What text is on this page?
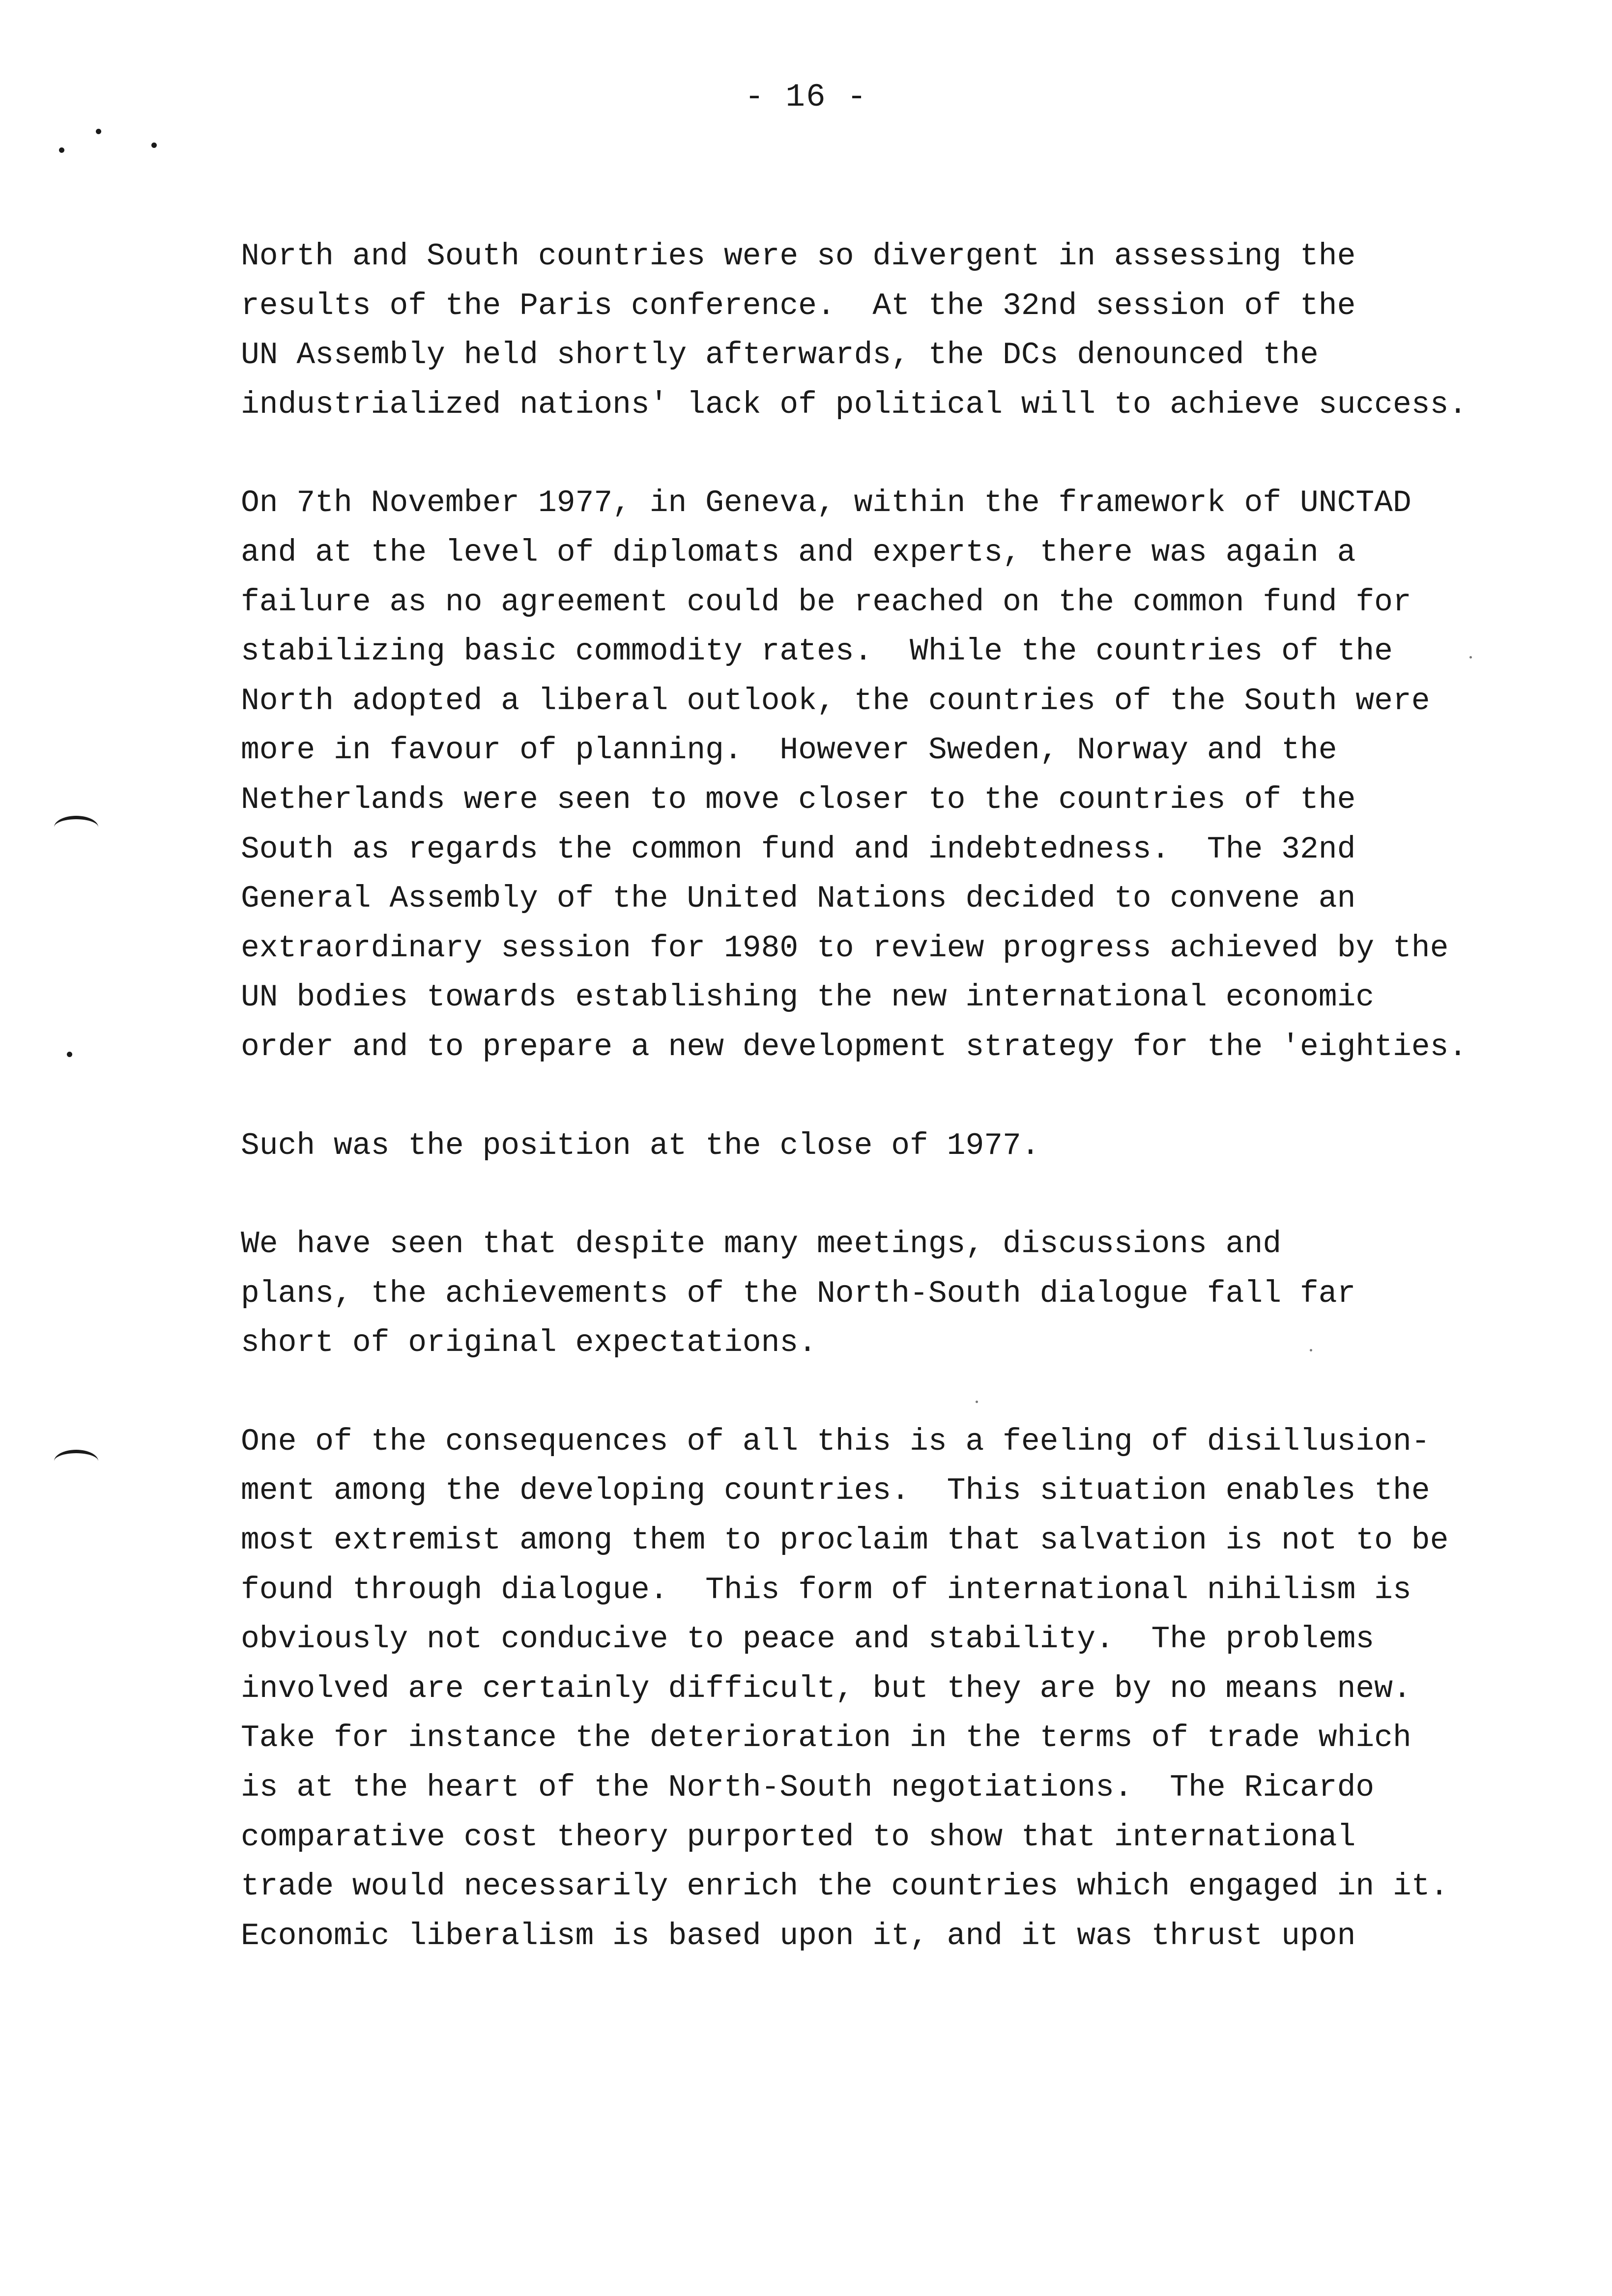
- 16 -
North and South countries were so divergent in assessing the
results of the Paris conference.  At the 32nd session of the
UN Assembly held shortly afterwards, the DCs denounced the
industrialized nations' lack of political will to achieve success.
On 7th November 1977, in Geneva, within the framework of UNCTAD
and at the level of diplomats and experts, there was again a
failure as no agreement could be reached on the common fund for
stabilizing basic commodity rates.  While the countries of the
North adopted a liberal outlook, the countries of the South were
more in favour of planning.  However Sweden, Norway and the
Netherlands were seen to move closer to the countries of the
South as regards the common fund and indebtedness.  The 32nd
General Assembly of the United Nations decided to convene an
extraordinary session for 1980 to review progress achieved by the
UN bodies towards establishing the new international economic
order and to prepare a new development strategy for the 'eighties.
Such was the position at the close of 1977.
We have seen that despite many meetings, discussions and
plans, the achievements of the North-South dialogue fall far
short of original expectations.
One of the consequences of all this is a feeling of disillusion-
ment among the developing countries.  This situation enables the
most extremist among them to proclaim that salvation is not to be
found through dialogue.  This form of international nihilism is
obviously not conducive to peace and stability.  The problems
involved are certainly difficult, but they are by no means new.
Take for instance the deterioration in the terms of trade which
is at the heart of the North-South negotiations.  The Ricardo
comparative cost theory purported to show that international
trade would necessarily enrich the countries which engaged in it.
Economic liberalism is based upon it, and it was thrust upon
